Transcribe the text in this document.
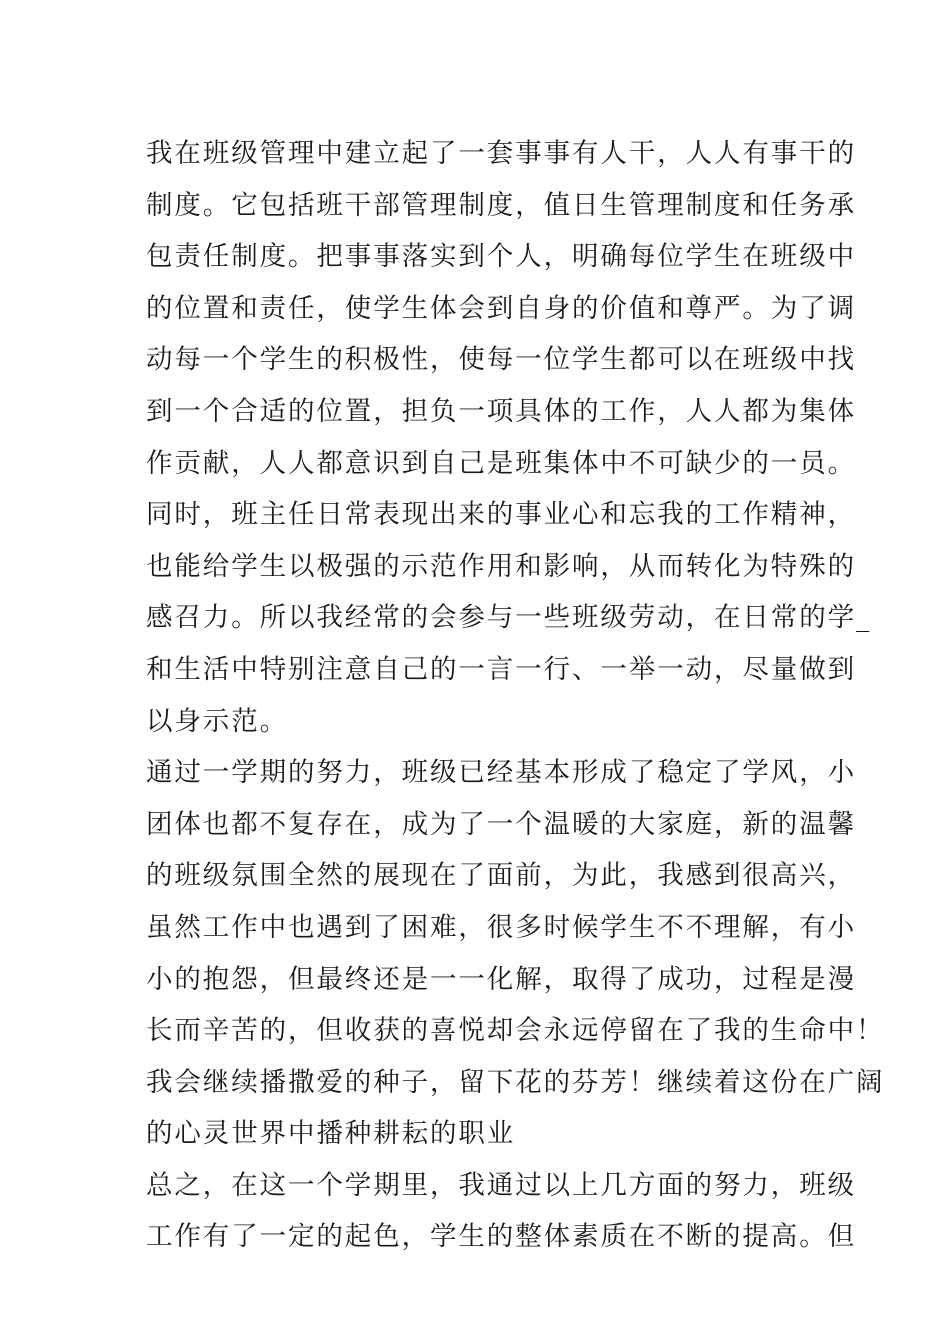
我在班级管理中建立起了一套事事有人干，人人有事干的
制度。它包括班干部管理制度，值日生管理制度和任务承
包责任制度。把事事落实到个人，明确每位学生在班级中
的位置和责任，使学生体会到自身的价值和尊严。为了调
动每一个学生的积极性，使每一位学生都可以在班级中找
到一个合适的位置，担负一项具体的工作，人人都为集体
作贡献，人人都意识到自己是班集体中不可缺少的一员。
同时，班主任日常表现出来的事业心和忘我的工作精神，
也能给学生以极强的示范作用和影响，从而转化为特殊的
感召力。所以我经常的会参与一些班级劳动，在日常的学_
和生活中特别注意自己的一言一行、一举一动，尽量做到
以身示范。
通过一学期的努力，班级已经基本形成了稳定了学风，小
团体也都不复存在，成为了一个温暖的大家庭，新的温馨
的班级氛围全然的展现在了面前，为此，我感到很高兴，
虽然工作中也遇到了困难，很多时候学生不不理解，有小
小的抱怨，但最终还是一一化解，取得了成功，过程是漫
长而辛苦的，但收获的喜悦却会永远停留在了我的生命中！
我会继续播撒爱的种子，留下花的芬芳！继续着这份在广阔
的心灵世界中播种耕耘的职业
总之，在这一个学期里，我通过以上几方面的努力，班级
工作有了一定的起色，学生的整体素质在不断的提高。但
